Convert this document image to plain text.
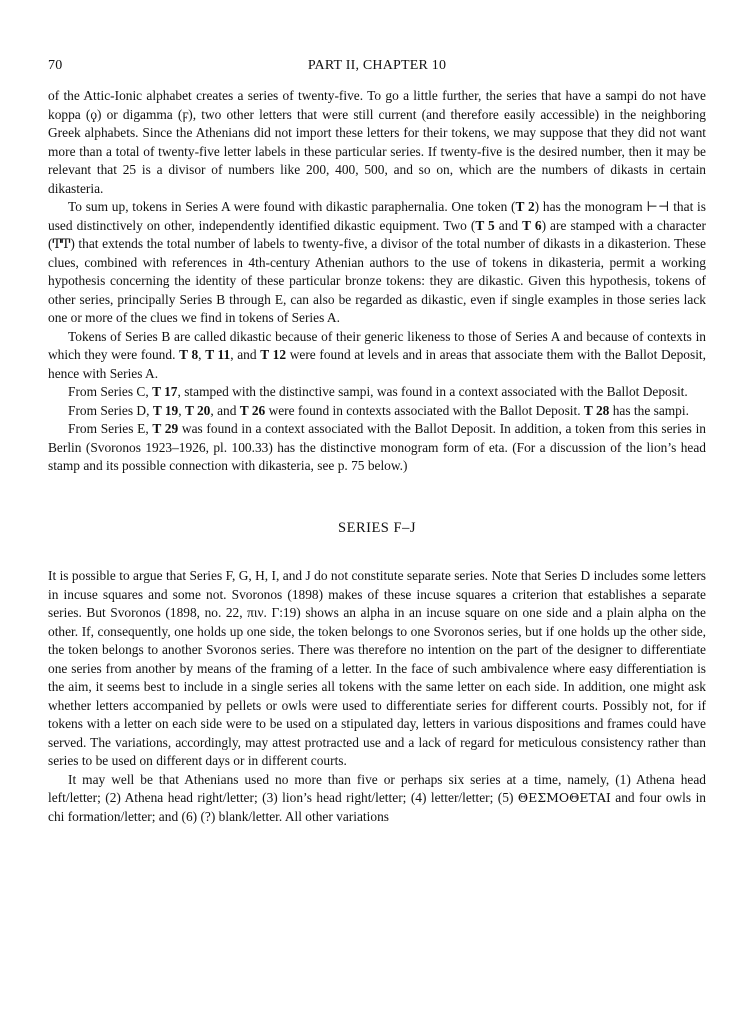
70	PART II, CHAPTER 10

of the Attic-Ionic alphabet creates a series of twenty-five. To go a little further, the series that have a sampi do not have koppa (ϙ) or digamma (ϝ), two other letters that were still current (and therefore easily accessible) in the neighboring Greek alphabets. Since the Athenians did not import these letters for their tokens, we may suppose that they did not want more than a total of twenty-five letter labels in these particular series. If twenty-five is the desired number, then it may be relevant that 25 is a divisor of numbers like 200, 400, 500, and so on, which are the numbers of dikasts in certain dikasteria.

To sum up, tokens in Series A were found with dikastic paraphernalia. One token (T 2) has the monogram ⊢⊣ that is used distinctively on other, independently identified dikastic equipment. Two (T 5 and T 6) are stamped with a character (ͲͲ) that extends the total number of labels to twenty-five, a divisor of the total number of dikasts in a dikasterion. These clues, combined with references in 4th-century Athenian authors to the use of tokens in dikasteria, permit a working hypothesis concerning the identity of these particular bronze tokens: they are dikastic. Given this hypothesis, tokens of other series, principally Series B through E, can also be regarded as dikastic, even if single examples in those series lack one or more of the clues we find in tokens of Series A.

Tokens of Series B are called dikastic because of their generic likeness to those of Series A and because of contexts in which they were found. T 8, T 11, and T 12 were found at levels and in areas that associate them with the Ballot Deposit, hence with Series A.

From Series C, T 17, stamped with the distinctive sampi, was found in a context associated with the Ballot Deposit.

From Series D, T 19, T 20, and T 26 were found in contexts associated with the Ballot Deposit. T 28 has the sampi.

From Series E, T 29 was found in a context associated with the Ballot Deposit. In addition, a token from this series in Berlin (Svoronos 1923–1926, pl. 100.33) has the distinctive monogram form of eta. (For a discussion of the lion’s head stamp and its possible connection with dikasteria, see p. 75 below.)

SERIES F–J

It is possible to argue that Series F, G, H, I, and J do not constitute separate series. Note that Series D includes some letters in incuse squares and some not. Svoronos (1898) makes of these incuse squares a criterion that establishes a separate series. But Svoronos (1898, no. 22, πιν. Γ:19) shows an alpha in an incuse square on one side and a plain alpha on the other. If, consequently, one holds up one side, the token belongs to one Svoronos series, but if one holds up the other side, the token belongs to another Svoronos series. There was therefore no intention on the part of the designer to differentiate one series from another by means of the framing of a letter. In the face of such ambivalence where easy differentiation is the aim, it seems best to include in a single series all tokens with the same letter on each side. In addition, one might ask whether letters accompanied by pellets or owls were used to differentiate series for different courts. Possibly not, for if tokens with a letter on each side were to be used on a stipulated day, letters in various dispositions and frames could have served. The variations, accordingly, may attest protracted use and a lack of regard for meticulous consistency rather than series to be used on different days or in different courts.

It may well be that Athenians used no more than five or perhaps six series at a time, namely, (1) Athena head left/letter; (2) Athena head right/letter; (3) lion’s head right/letter; (4) letter/letter; (5) ΘΕΣΜΟΘΕΤΑΙ and four owls in chi formation/letter; and (6) (?) blank/letter. All other variations
